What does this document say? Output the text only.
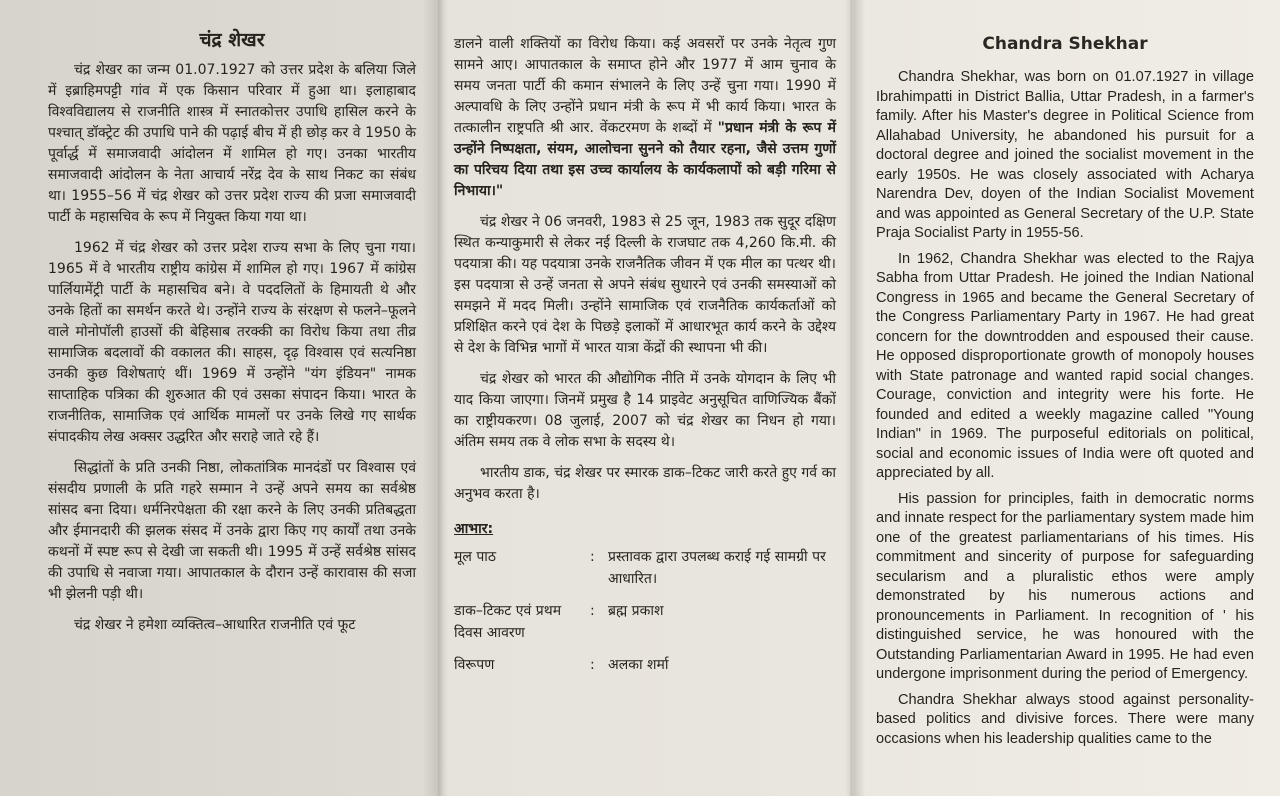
चंद्र शेखर

चंद्र शेखर का जन्म 01.07.1927 को उत्तर प्रदेश के बलिया जिले में इब्राहिमपट्टी गांव में एक किसान परिवार में हुआ था। इलाहाबाद विश्वविद्यालय से राजनीति शास्त्र में स्नातकोत्तर उपाधि हासिल करने के पश्चात् डॉक्ट्रेट की उपाधि पाने की पढ़ाई बीच में ही छोड़ कर वे 1950 के पूर्वार्द्ध में समाजवादी आंदोलन में शामिल हो गए। उनका भारतीय समाजवादी आंदोलन के नेता आचार्य नरेंद्र देव के साथ निकट का संबंध था। 1955–56 में चंद्र शेखर को उत्तर प्रदेश राज्य की प्रजा समाजवादी पार्टी के महासचिव के रूप में नियुक्त किया गया था।

1962 में चंद्र शेखर को उत्तर प्रदेश राज्य सभा के लिए चुना गया। 1965 में वे भारतीय राष्ट्रीय कांग्रेस में शामिल हो गए। 1967 में कांग्रेस पार्लियामेंट्री पार्टी के महासचिव बने। वे पददलितों के हिमायती थे और उनके हितों का समर्थन करते थे। उन्होंने राज्य के संरक्षण से फलने–फूलने वाले मोनोपॉली हाउसों की बेहिसाब तरक्की का विरोध किया तथा तीव्र सामाजिक बदलावों की वकालत की। साहस, दृढ़ विश्वास एवं सत्यनिष्ठा उनकी कुछ विशेषताएं थीं। 1969 में उन्होंने "यंग इंडियन" नामक साप्ताहिक पत्रिका की शुरुआत की एवं उसका संपादन किया। भारत के राजनीतिक, सामाजिक एवं आर्थिक मामलों पर उनके लिखे गए सार्थक संपादकीय लेख अक्सर उद्धरित और सराहे जाते रहे हैं।

सिद्धांतों के प्रति उनकी निष्ठा, लोकतांत्रिक मानदंडों पर विश्वास एवं संसदीय प्रणाली के प्रति गहरे सम्मान ने उन्हें अपने समय का सर्वश्रेष्ठ सांसद बना दिया। धर्मनिरपेक्षता की रक्षा करने के लिए उनकी प्रतिबद्धता और ईमानदारी की झलक संसद में उनके द्वारा किए गए कार्यों तथा उनके कथनों में स्पष्ट रूप से देखी जा सकती थी। 1995 में उन्हें सर्वश्रेष्ठ सांसद की उपाधि से नवाजा गया। आपातकाल के दौरान उन्हें कारावास की सजा भी झेलनी पड़ी थी।

चंद्र शेखर ने हमेशा व्यक्तित्व–आधारित राजनीति एवं फूट

डालने वाली शक्तियों का विरोध किया। कई अवसरों पर उनके नेतृत्व गुण सामने आए। आपातकाल के समाप्त होने और 1977 में आम चुनाव के समय जनता पार्टी की कमान संभालने के लिए उन्हें चुना गया। 1990 में अल्पावधि के लिए उन्होंने प्रधान मंत्री के रूप में भी कार्य किया। भारत के तत्कालीन राष्ट्रपति श्री आर. वेंकटरमण के शब्दों में "प्रधान मंत्री के रूप में उन्होंने निष्पक्षता, संयम, आलोचना सुनने को तैयार रहना, जैसे उत्तम गुणों का परिचय दिया तथा इस उच्च कार्यालय के कार्यकलापों को बड़ी गरिमा से निभाया।"

चंद्र शेखर ने 06 जनवरी, 1983 से 25 जून, 1983 तक सुदूर दक्षिण स्थित कन्याकुमारी से लेकर नई दिल्ली के राजघाट तक 4,260 कि.मी. की पदयात्रा की। यह पदयात्रा उनके राजनैतिक जीवन में एक मील का पत्थर थी। इस पदयात्रा से उन्हें जनता से अपने संबंध सुधारने एवं उनकी समस्याओं को समझने में मदद मिली। उन्होंने सामाजिक एवं राजनैतिक कार्यकर्ताओं को प्रशिक्षित करने एवं देश के पिछड़े इलाकों में आधारभूत कार्य करने के उद्देश्य से देश के विभिन्न भागों में भारत यात्रा केंद्रों की स्थापना भी की।

चंद्र शेखर को भारत की औद्योगिक नीति में उनके योगदान के लिए भी याद किया जाएगा। जिनमें प्रमुख है 14 प्राइवेट अनुसूचित वाणिज्यिक बैंकों का राष्ट्रीयकरण। 08 जुलाई, 2007 को चंद्र शेखर का निधन हो गया। अंतिम समय तक वे लोक सभा के सदस्य थे।

भारतीय डाक, चंद्र शेखर पर स्मारक डाक–टिकट जारी करते हुए गर्व का अनुभव करता है।

आभार:
मूल पाठ	: प्रस्तावक द्वारा उपलब्ध कराई गई सामग्री पर आधारित।
डाक–टिकट एवं प्रथम दिवस आवरण
: ब्रह्म प्रकाश
विरूपण	: अलका शर्मा
Chandra Shekhar

Chandra Shekhar, was born on 01.07.1927 in village Ibrahimpatti in District Ballia, Uttar Pradesh, in a farmer's family. After his Master's degree in Political Science from Allahabad University, he abandoned his pursuit for a doctoral degree and joined the socialist movement in the early 1950s. He was closely associated with Acharya Narendra Dev, doyen of the Indian Socialist Movement and was appointed as General Secretary of the U.P. State Praja Socialist Party in 1955-56.

In 1962, Chandra Shekhar was elected to the Rajya Sabha from Uttar Pradesh. He joined the Indian National Congress in 1965 and became the General Secretary of the Congress Parliamentary Party in 1967. He had great concern for the downtrodden and espoused their cause. He opposed disproportionate growth of monopoly houses with State patronage and wanted rapid social changes. Courage, conviction and integrity were his forte. He founded and edited a weekly magazine called "Young Indian" in 1969. The purposeful editorials on political, social and economic issues of India were oft quoted and appreciated by all.

His passion for principles, faith in democratic norms and innate respect for the parliamentary system made him one of the greatest parliamentarians of his times. His commitment and sincerity of purpose for safeguarding secularism and a pluralistic ethos were amply demonstrated by his numerous actions and pronouncements in Parliament. In recognition of ' his distinguished service, he was honoured with the Outstanding Parliamentarian Award in 1995. He had even undergone imprisonment during the period of Emergency.

Chandra Shekhar always stood against personality-based politics and divisive forces. There were many occasions when his leadership qualities came to the
